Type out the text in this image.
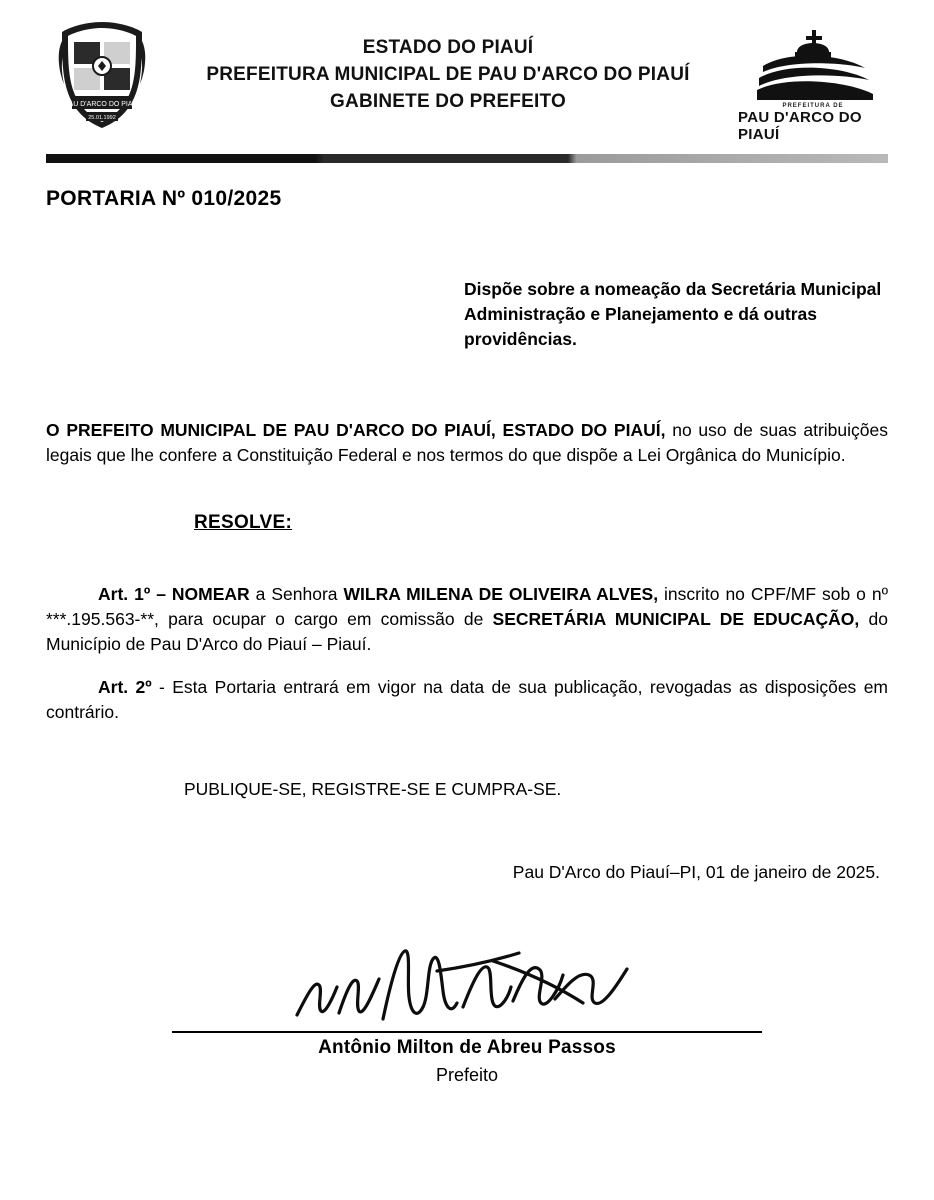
PAU D'ARCO DO PIAUÍ
25.01.1992
ESTADO DO PIAUÍ
PREFEITURA MUNICIPAL DE PAU D'ARCO DO PIAUÍ
GABINETE DO PREFEITO	PREFEITURA DE
PAU D'ARCO DO PIAUÍ
PORTARIA Nº 010/2025
Dispõe sobre a nomeação da Secretária Municipal Administração e Planejamento e dá outras providências.

O PREFEITO MUNICIPAL DE PAU D'ARCO DO PIAUÍ, ESTADO DO PIAUÍ, no uso de suas atribuições legais que lhe confere a Constituição Federal e nos termos do que dispõe a Lei Orgânica do Município.

RESOLVE:

Art. 1º – NOMEAR a Senhora WILRA MILENA DE OLIVEIRA ALVES, inscrito no CPF/MF sob o nº ***.195.563-**, para ocupar o cargo em comissão de SECRETÁRIA MUNICIPAL DE EDUCAÇÃO, do Município de Pau D'Arco do Piauí – Piauí.

Art. 2º - Esta Portaria entrará em vigor na data de sua publicação, revogadas as disposições em contrário.

PUBLIQUE-SE, REGISTRE-SE E CUMPRA-SE.
Pau D'Arco do Piauí–PI, 01 de janeiro de 2025.
Antônio Milton de Abreu Passos
Prefeito
